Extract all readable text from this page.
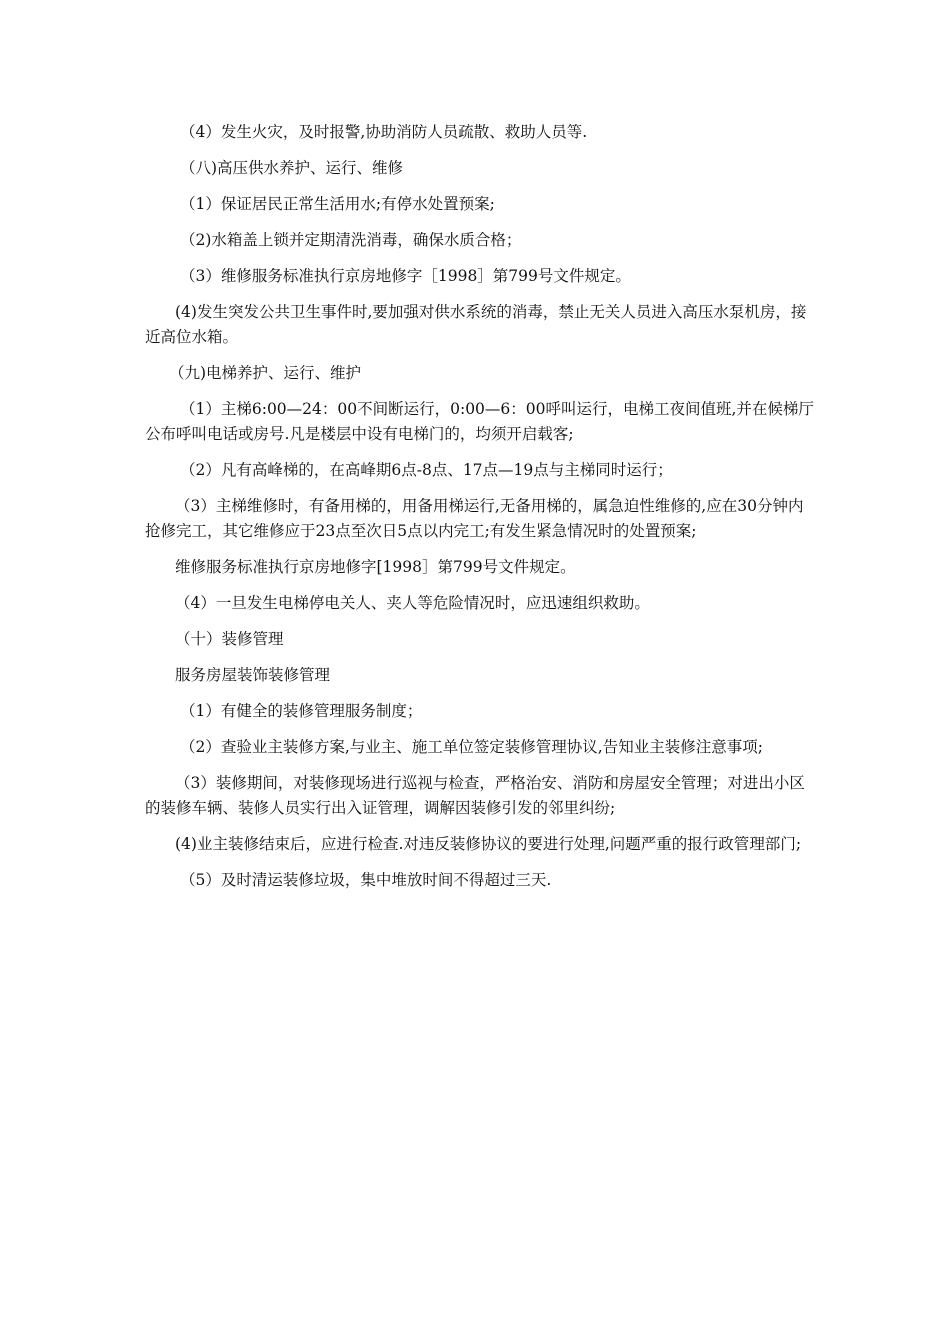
（4）发生火灾，及时报警,协助消防人员疏散、救助人员等.

（八)高压供水养护、运行、维修

（1）保证居民正常生活用水;有停水处置预案;

（2)水箱盖上锁并定期清洗消毒，确保水质合格；

（3）维修服务标准执行京房地修字［1998］第799号文件规定。

(4)发生突发公共卫生事件时,要加强对供水系统的消毒，禁止无关人员进入高压水泵机房，接近高位水箱。

（九)电梯养护、运行、维护

（1）主梯6:00—24：00不间断运行，0:00—6：00呼叫运行，电梯工夜间值班,并在候梯厅公布呼叫电话或房号.凡是楼层中设有电梯门的，均须开启载客;

（2）凡有高峰梯的，在高峰期6点-8点、17点—19点与主梯同时运行；

（3）主梯维修时，有备用梯的，用备用梯运行,无备用梯的，属急迫性维修的,应在30分钟内抢修完工，其它维修应于23点至次日5点以内完工;有发生紧急情况时的处置预案;

维修服务标准执行京房地修字[1998］第799号文件规定。

（4）一旦发生电梯停电关人、夹人等危险情况时，应迅速组织救助。

（十）装修管理

服务房屋装饰装修管理

（1）有健全的装修管理服务制度；

（2）查验业主装修方案,与业主、施工单位签定装修管理协议,告知业主装修注意事项;

（3）装修期间，对装修现场进行巡视与检查，严格治安、消防和房屋安全管理；对进出小区的装修车辆、装修人员实行出入证管理，调解因装修引发的邻里纠纷;

(4)业主装修结束后，应进行检查.对违反装修协议的要进行处理,问题严重的报行政管理部门;

（5）及时清运装修垃圾，集中堆放时间不得超过三天.
